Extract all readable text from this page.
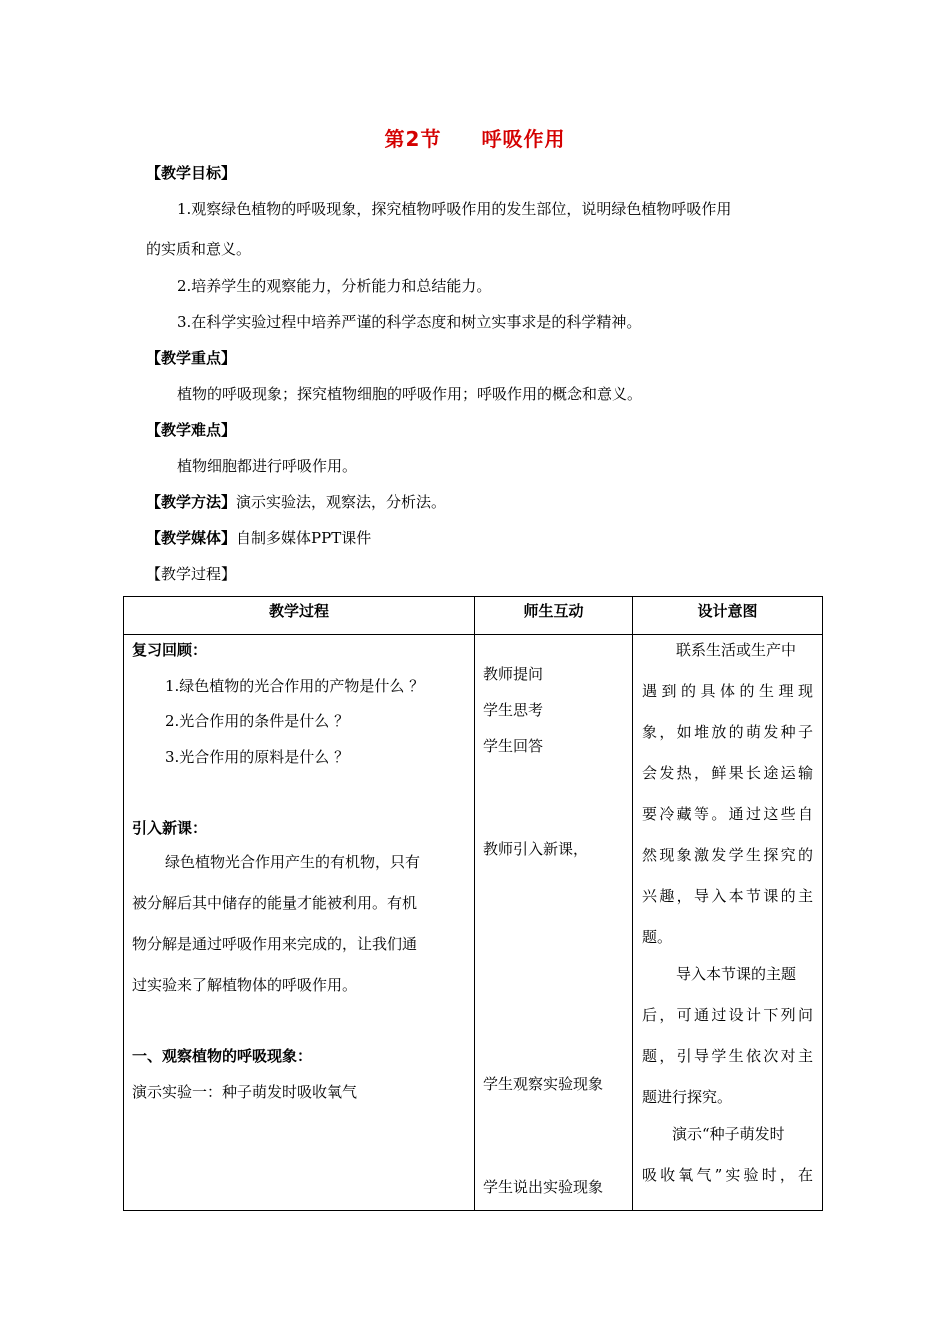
第2节 呼吸作用
【教学目标】
1.观察绿色植物的呼吸现象，探究植物呼吸作用的发生部位，说明绿色植物呼吸作用
的实质和意义。
2.培养学生的观察能力，分析能力和总结能力。
3.在科学实验过程中培养严谨的科学态度和树立实事求是的科学精神。
【教学重点】
植物的呼吸现象；探究植物细胞的呼吸作用；呼吸作用的概念和意义。
【教学难点】
植物细胞都进行呼吸作用。
【教学方法】演示实验法，观察法，分析法。
【教学媒体】自制多媒体PPT课件
【教学过程】
教学过程	师生互动	设计意图
复习回顾：
1.绿色植物的光合作用的产物是什么 ？
2.光合作用的条件是什么 ？
3.光合作用的原料是什么 ？
引入新课：
绿色植物光合作用产生的有机物，只有
被分解后其中储存的能量才能被利用。有机
物分解是通过呼吸作用来完成的，让我们通
过实验来了解植物体的呼吸作用。
一、观察植物的呼吸现象：
演示实验一：种子萌发时吸收氧气
教师提问
学生思考
学生回答
教师引入新课，
学生观察实验现象
学生说出实验现象
联系生活或生产中
遇到的具体的生理现
象，如堆放的萌发种子
会发热，鲜果长途运输
要冷藏等。通过这些自
然现象激发学生探究的
兴趣，导入本节课的主
题。
导入本节课的主题
后，可通过设计下列问
题，引导学生依次对主
题进行探究。
演示“种子萌发时
吸收氧气”实验时，在
